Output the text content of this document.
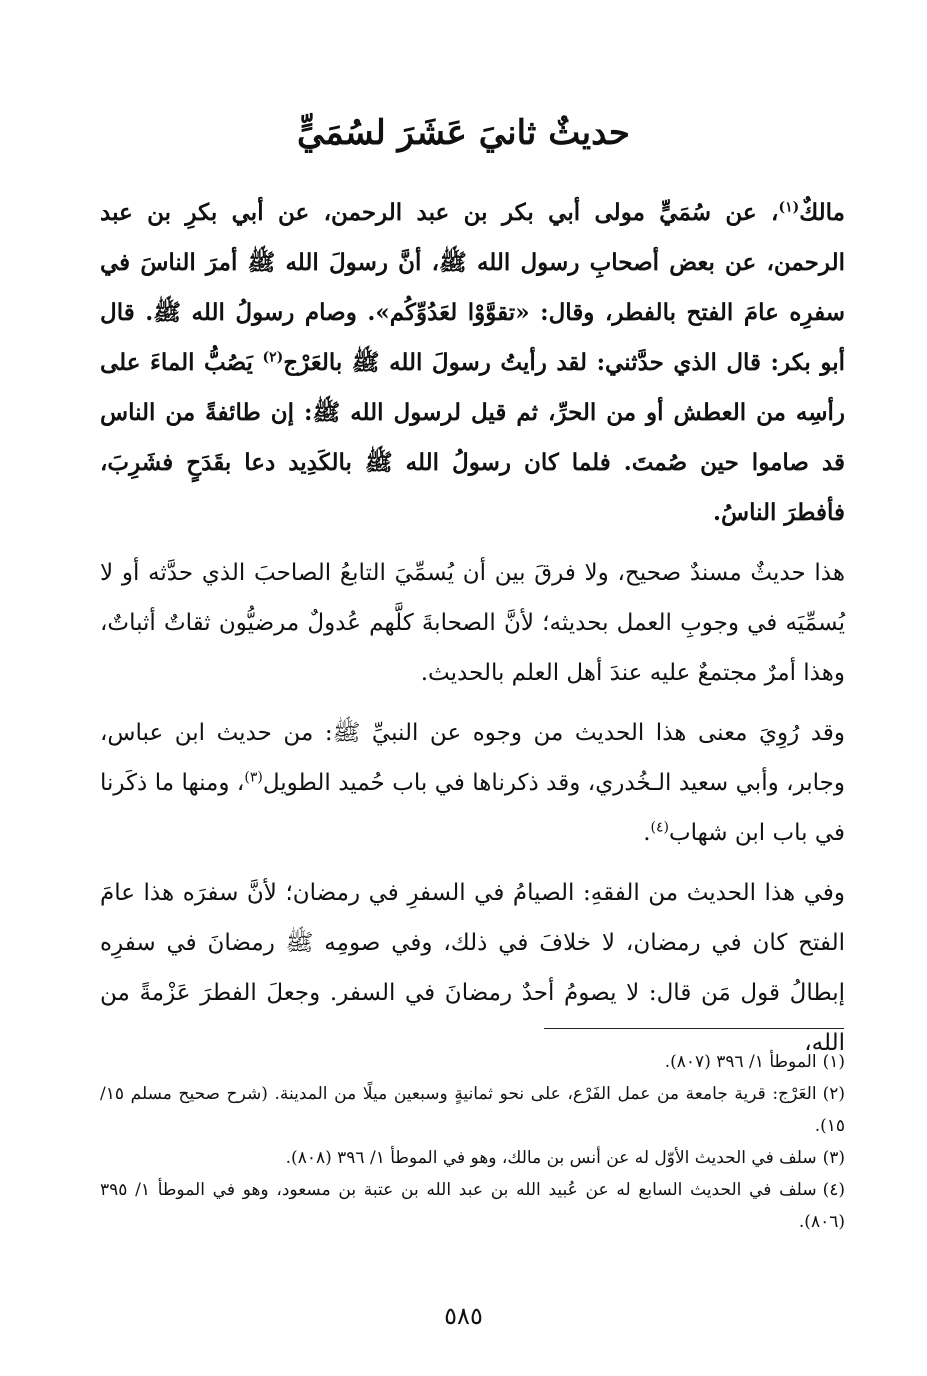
حديثٌ ثانيَ عَشَرَ لسُمَيٍّ

مالكٌ$^{(١)}$، عن سُمَيٍّ مولى أبي بكر بن عبد الرحمن، عن أبي بكرِ بن عبد الرحمن، عن بعض أصحابِ رسول الله ﷺ، أنَّ رسولَ الله ﷺ أمرَ الناسَ في سفرِه عامَ الفتح بالفطر، وقال: «تقوَّوْا لعَدُوِّكُم». وصام رسولُ الله ﷺ. قال أبو بكر: قال الذي حدَّثني: لقد رأيتُ رسولَ الله ﷺ بالعَرْج$^{(٢)}$ يَصُبُّ الماءَ على رأسِه من العطش أو من الحرِّ، ثم قيل لرسول الله ﷺ: إن طائفةً من الناس قد صاموا حين صُمتَ. فلما كان رسولُ الله ﷺ بالكَدِيد دعا بقَدَحٍ فشَرِبَ، فأفطرَ الناسُ.

هذا حديثٌ مسندٌ صحيح، ولا فرقَ بين أن يُسمِّيَ التابعُ الصاحبَ الذي حدَّثه أو لا يُسمِّيَه في وجوبِ العمل بحديثه؛ لأنَّ الصحابةَ كلَّهم عُدولٌ مرضيُّون ثقاتٌ أثباتٌ، وهذا أمرٌ مجتمعٌ عليه عندَ أهل العلم بالحديث.

وقد رُوِيَ معنى هذا الحديث من وجوه عن النبيِّ ﷺ: من حديث ابن عباس، وجابر، وأبي سعيد الـخُدري، وقد ذكرناها في باب حُميد الطويل$^{(٣)}$، ومنها ما ذكَرنا في باب ابن شهاب$^{(٤)}$.

وفي هذا الحديث من الفقهِ: الصيامُ في السفرِ في رمضان؛ لأنَّ سفرَه هذا عامَ الفتح كان في رمضان، لا خلافَ في ذلك، وفي صومِه ﷺ رمضانَ في سفرِه إبطالُ قول مَن قال: لا يصومُ أحدٌ رمضانَ في السفر. وجعلَ الفطرَ عَزْمةً من الله،

(١)الموطأ ١/ ٣٩٦ (٨٠٧).

(٢)العَرْج: قرية جامعة من عمل الفَرْع، على نحو ثمانيةٍ وسبعين ميلًا من المدينة. (شرح صحيح مسلم ١٥/ ١٥).

(٣)سلف في الحديث الأوّل له عن أنس بن مالك، وهو في الموطأ ١/ ٣٩٦ (٨٠٨).

(٤)سلف في الحديث السابع له عن عُبيد الله بن عبد الله بن عتبة بن مسعود، وهو في الموطأ ١/ ٣٩٥ (٨٠٦).

٥٨٥
